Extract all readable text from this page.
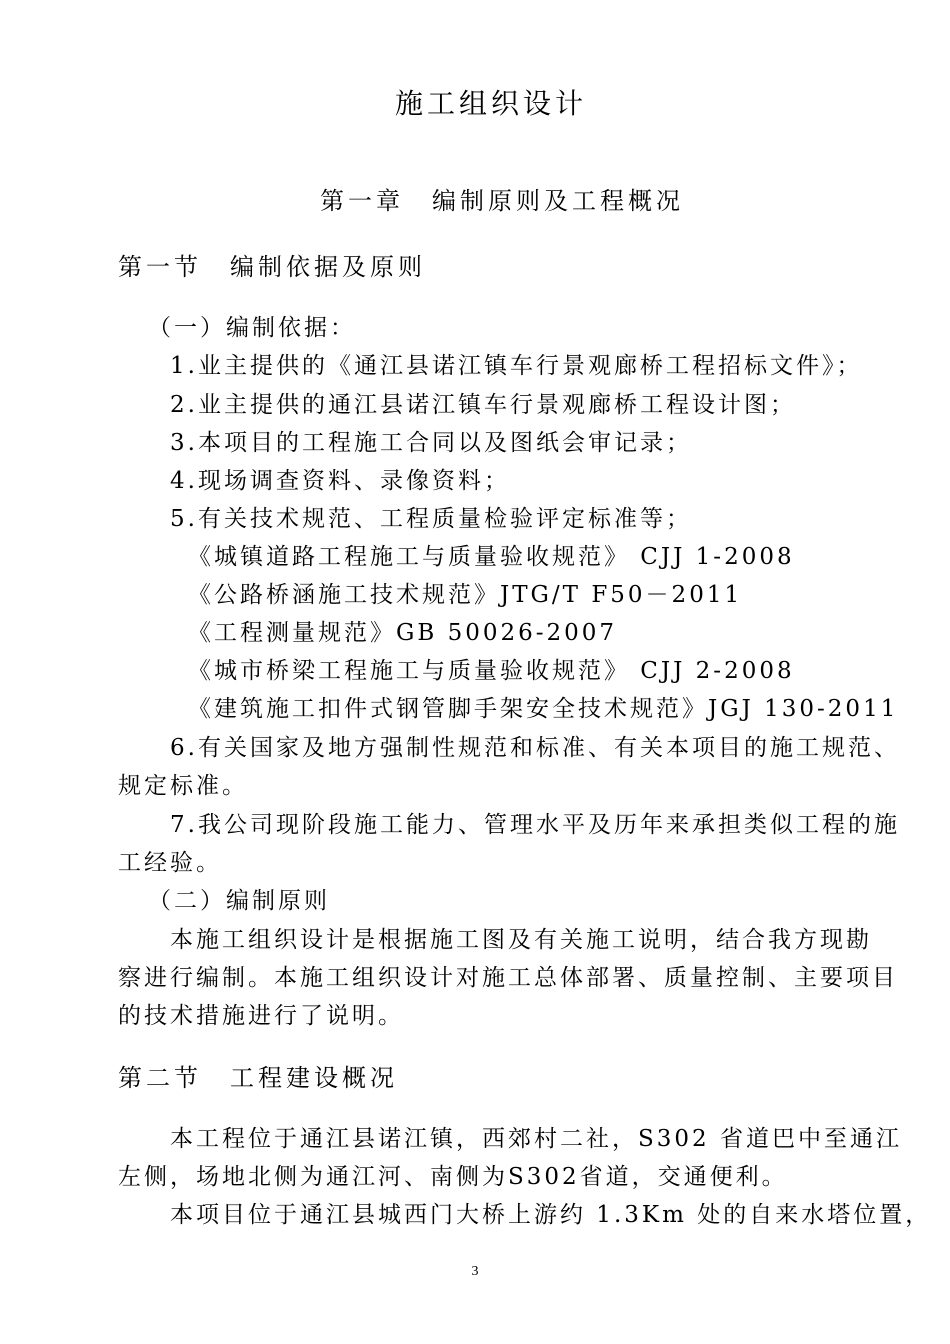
施工组织设计
第一章　编制原则及工程概况
第一节　编制依据及原则
（一）编制依据：
1.业主提供的《通江县诺江镇车行景观廊桥工程招标文件》；
2.业主提供的通江县诺江镇车行景观廊桥工程设计图；
3.本项目的工程施工合同以及图纸会审记录；
4.现场调查资料、录像资料；
5.有关技术规范、工程质量检验评定标准等；
《城镇道路工程施工与质量验收规范》 CJJ 1-2008
《公路桥涵施工技术规范》JTG/T F50－2011
《工程测量规范》GB 50026-2007
《城市桥梁工程施工与质量验收规范》 CJJ 2-2008
《建筑施工扣件式钢管脚手架安全技术规范》JGJ 130-2011
6.有关国家及地方强制性规范和标准、有关本项目的施工规范、
规定标准。
7.我公司现阶段施工能力、管理水平及历年来承担类似工程的施
工经验。
（二）编制原则
本施工组织设计是根据施工图及有关施工说明，结合我方现勘
察进行编制。本施工组织设计对施工总体部署、质量控制、主要项目
的技术措施进行了说明。
第二节　工程建设概况
本工程位于通江县诺江镇，西郊村二社，S302 省道巴中至通江
左侧，场地北侧为通江河、南侧为S302省道，交通便利。
本项目位于通江县城西门大桥上游约 1.3Km 处的自来水塔位置，
3
